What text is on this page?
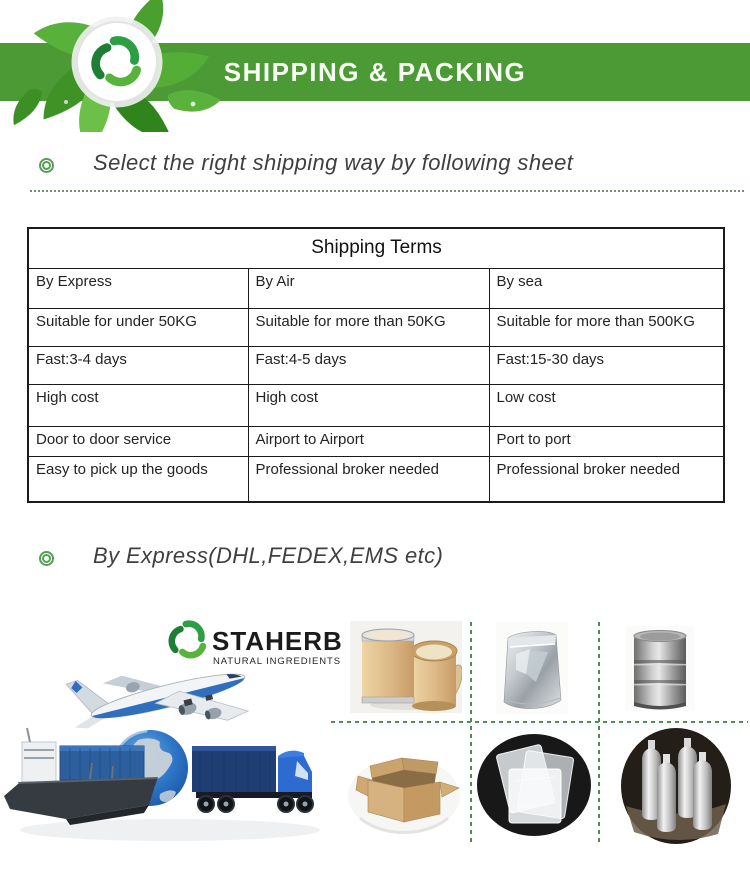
SHIPPING & PACKING
Select the right shipping way by following sheet
Shipping Terms		
By Express	By Air	By sea
Suitable for under 50KG	Suitable for more than 50KG	Suitable for more than 500KG
Fast:3-4 days	Fast:4-5 days	Fast:15-30 days
High cost	High cost	Low cost
Door to door service	Airport to Airport	Port to port
Easy to pick up the goods	Professional broker needed	Professional broker needed
By Express(DHL,FEDEX,EMS etc)
STAHERB
NATURAL INGREDIENTS
